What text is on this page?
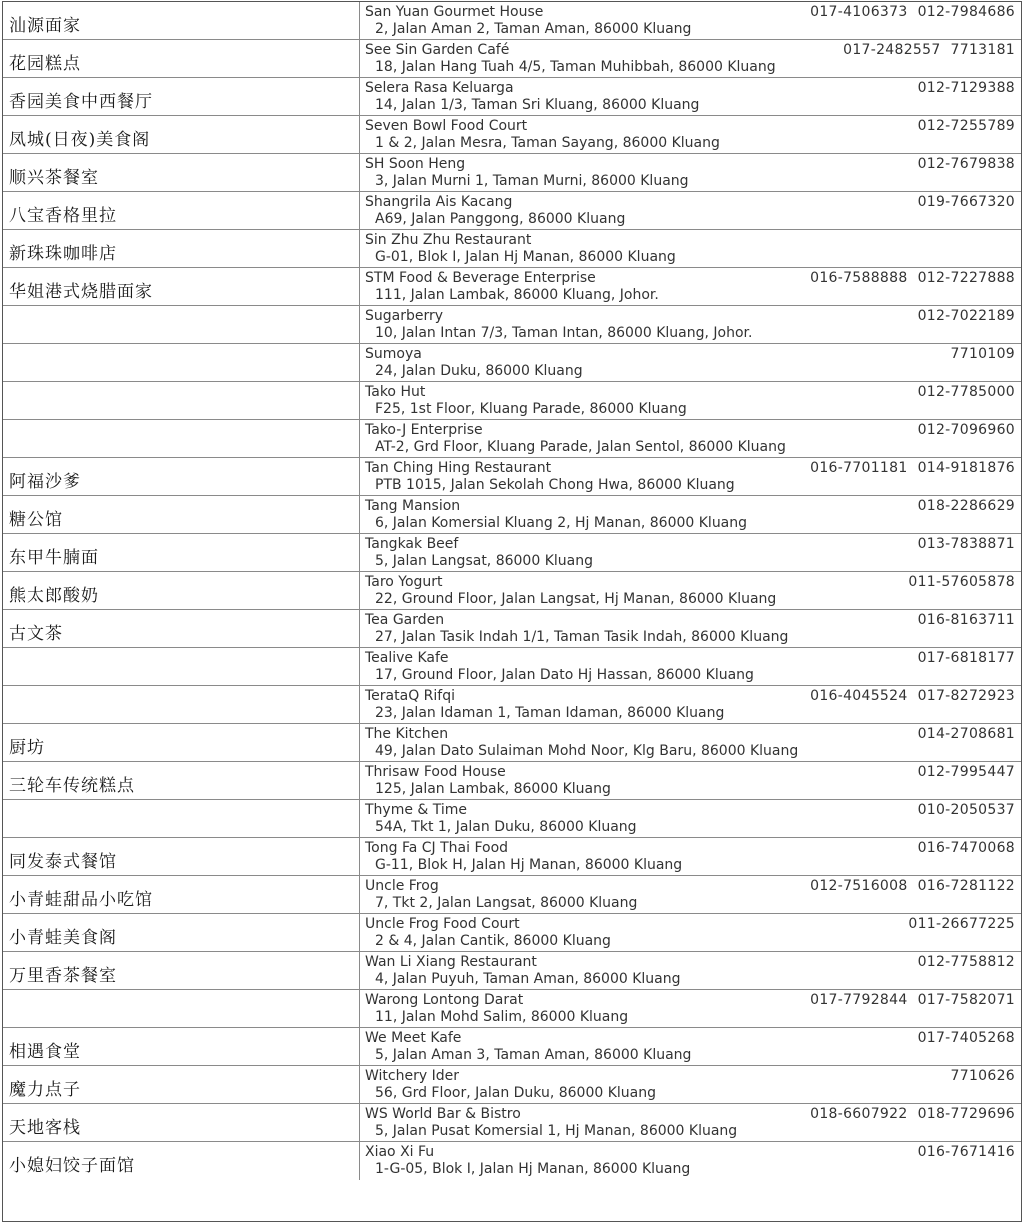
汕源面家
San Yuan Gourmet House
2, Jalan Aman 2, Taman Aman, 86000 Kluang
017-4106373 012-7984686
花园糕点
See Sin Garden Café
18, Jalan Hang Tuah 4/5, Taman Muhibbah, 86000 Kluang
017-2482557 7713181
香园美食中西餐厅
Selera Rasa Keluarga
14, Jalan 1/3, Taman Sri Kluang, 86000 Kluang
012-7129388
凤城(日夜)美食阁
Seven Bowl Food Court
1 & 2, Jalan Mesra, Taman Sayang, 86000 Kluang
012-7255789
顺兴茶餐室
SH Soon Heng
3, Jalan Murni 1, Taman Murni, 86000 Kluang
012-7679838
八宝香格里拉
Shangrila Ais Kacang
A69, Jalan Panggong, 86000 Kluang
019-7667320
新珠珠咖啡店
Sin Zhu Zhu Restaurant
G-01, Blok I, Jalan Hj Manan, 86000 Kluang
华姐港式烧腊面家
STM Food & Beverage Enterprise
111, Jalan Lambak, 86000 Kluang, Johor.
016-7588888 012-7227888
Sugarberry
10, Jalan Intan 7/3, Taman Intan, 86000 Kluang, Johor.
012-7022189
Sumoya
24, Jalan Duku, 86000 Kluang
7710109
Tako Hut
F25, 1st Floor, Kluang Parade, 86000 Kluang
012-7785000
Tako-J Enterprise
AT-2, Grd Floor, Kluang Parade, Jalan Sentol, 86000 Kluang
012-7096960
阿福沙爹
Tan Ching Hing Restaurant
PTB 1015, Jalan Sekolah Chong Hwa, 86000 Kluang
016-7701181 014-9181876
糖公馆
Tang Mansion
6, Jalan Komersial Kluang 2, Hj Manan, 86000 Kluang
018-2286629
东甲牛腩面
Tangkak Beef
5, Jalan Langsat, 86000 Kluang
013-7838871
熊太郎酸奶
Taro Yogurt
22, Ground Floor, Jalan Langsat, Hj Manan, 86000 Kluang
011-57605878
古文茶
Tea Garden
27, Jalan Tasik Indah 1/1, Taman Tasik Indah, 86000 Kluang
016-8163711
Tealive Kafe
17, Ground Floor, Jalan Dato Hj Hassan, 86000 Kluang
017-6818177
TerataQ Rifqi
23, Jalan Idaman 1, Taman Idaman, 86000 Kluang
016-4045524 017-8272923
厨坊
The Kitchen
49, Jalan Dato Sulaiman Mohd Noor, Klg Baru, 86000 Kluang
014-2708681
三轮车传统糕点
Thrisaw Food House
125, Jalan Lambak, 86000 Kluang
012-7995447
Thyme & Time
54A, Tkt 1, Jalan Duku, 86000 Kluang
010-2050537
同发泰式餐馆
Tong Fa CJ Thai Food
G-11, Blok H, Jalan Hj Manan, 86000 Kluang
016-7470068
小青蛙甜品小吃馆
Uncle Frog
7, Tkt 2, Jalan Langsat, 86000 Kluang
012-7516008 016-7281122
小青蛙美食阁
Uncle Frog Food Court
2 & 4, Jalan Cantik, 86000 Kluang
011-26677225
万里香茶餐室
Wan Li Xiang Restaurant
4, Jalan Puyuh, Taman Aman, 86000 Kluang
012-7758812
Warong Lontong Darat
11, Jalan Mohd Salim, 86000 Kluang
017-7792844 017-7582071
相遇食堂
We Meet Kafe
5, Jalan Aman 3, Taman Aman, 86000 Kluang
017-7405268
魔力点子
Witchery Ider
56, Grd Floor, Jalan Duku, 86000 Kluang
7710626
天地客栈
WS World Bar & Bistro
5, Jalan Pusat Komersial 1, Hj Manan, 86000 Kluang
018-6607922 018-7729696
小媳妇饺子面馆
Xiao Xi Fu
1-G-05, Blok I, Jalan Hj Manan, 86000 Kluang
016-7671416
